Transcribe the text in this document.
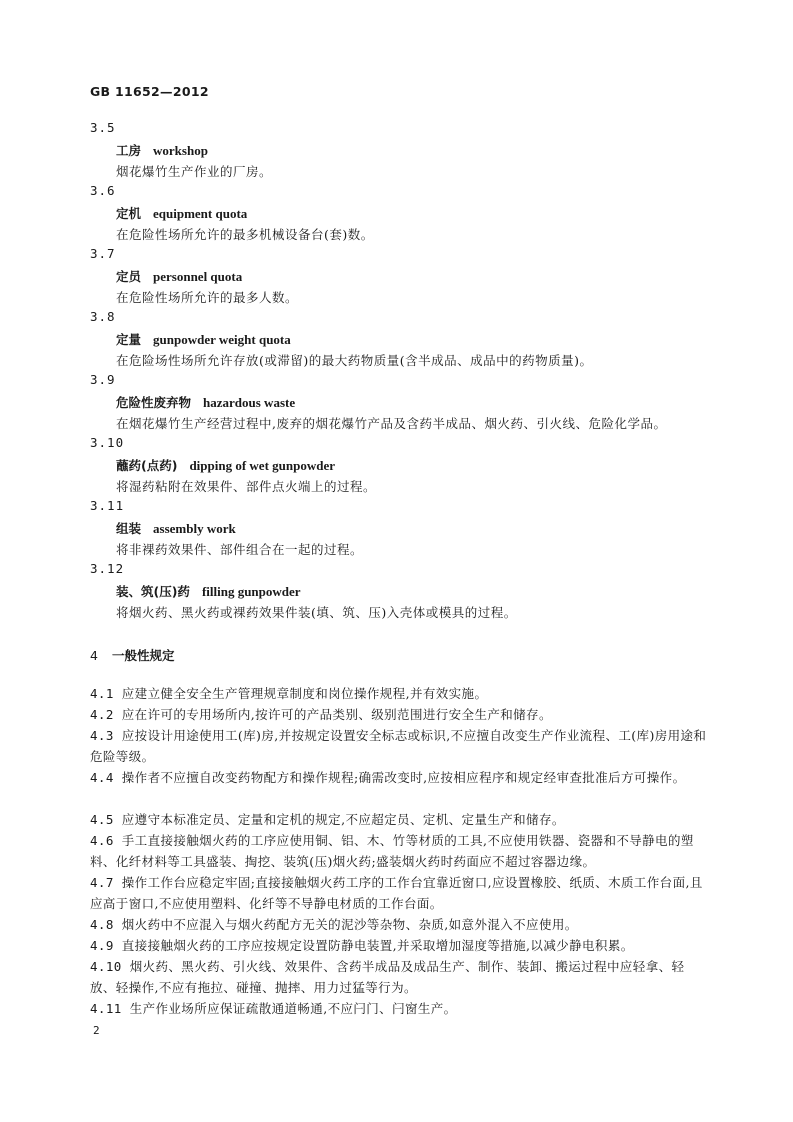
GB 11652—2012
3.5
工房 workshop
烟花爆竹生产作业的厂房。
3.6
定机 equipment quota
在危险性场所允许的最多机械设备台(套)数。
3.7
定员 personnel quota
在危险性场所允许的最多人数。
3.8
定量 gunpowder weight quota
在危险场性场所允许存放(或滞留)的最大药物质量(含半成品、成品中的药物质量)。
3.9
危险性废弃物 hazardous waste
在烟花爆竹生产经营过程中,废弃的烟花爆竹产品及含药半成品、烟火药、引火线、危险化学品。
3.10
蘸药(点药) dipping of wet gunpowder
将湿药粘附在效果件、部件点火端上的过程。
3.11
组装 assembly work
将非裸药效果件、部件组合在一起的过程。
3.12
装、筑(压)药 filling gunpowder
将烟火药、黑火药或裸药效果件装(填、筑、压)入壳体或模具的过程。
4 一般性规定
4.1 应建立健全安全生产管理规章制度和岗位操作规程,并有效实施。
4.2 应在许可的专用场所内,按许可的产品类别、级别范围进行安全生产和储存。
4.3 应按设计用途使用工(库)房,并按规定设置安全标志或标识,不应擅自改变生产作业流程、工(库)房用途和危险等级。
4.4 操作者不应擅自改变药物配方和操作规程;确需改变时,应按相应程序和规定经审查批准后方可操作。
4.5 应遵守本标准定员、定量和定机的规定,不应超定员、定机、定量生产和储存。
4.6 手工直接接触烟火药的工序应使用铜、铝、木、竹等材质的工具,不应使用铁器、瓷器和不导静电的塑料、化纤材料等工具盛装、掏挖、装筑(压)烟火药;盛装烟火药时药面应不超过容器边缘。
4.7 操作工作台应稳定牢固;直接接触烟火药工序的工作台宜靠近窗口,应设置橡胶、纸质、木质工作台面,且应高于窗口,不应使用塑料、化纤等不导静电材质的工作台面。
4.8 烟火药中不应混入与烟火药配方无关的泥沙等杂物、杂质,如意外混入不应使用。
4.9 直接接触烟火药的工序应按规定设置防静电装置,并采取增加湿度等措施,以减少静电积累。
4.10 烟火药、黑火药、引火线、效果件、含药半成品及成品生产、制作、装卸、搬运过程中应轻拿、轻放、轻操作,不应有拖拉、碰撞、抛摔、用力过猛等行为。
4.11 生产作业场所应保证疏散通道畅通,不应闩门、闩窗生产。
2
